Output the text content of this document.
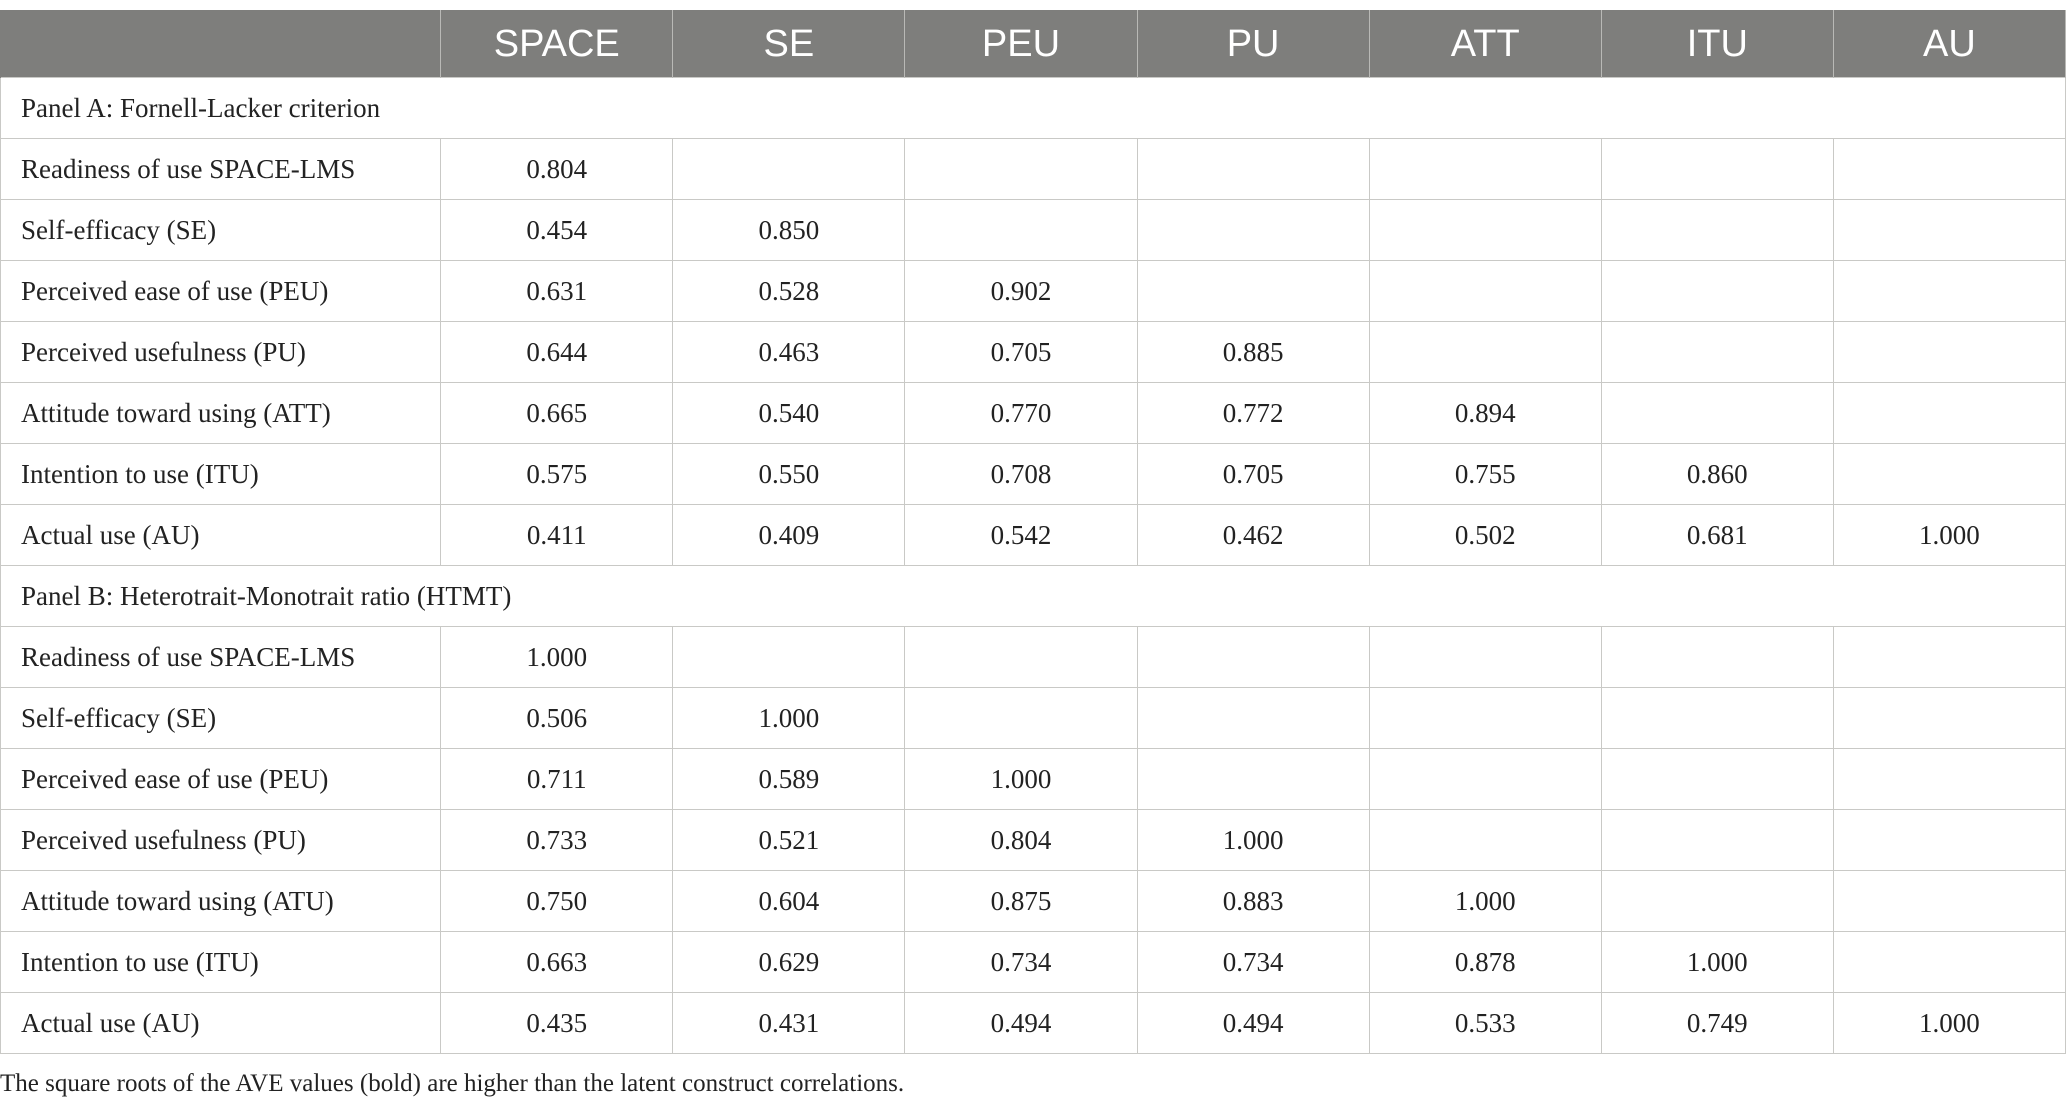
	SPACE	SE	PEU	PU	ATT	ITU	AU
Panel A: Fornell-Lacker criterion							
Readiness of use SPACE-LMS	0.804						
Self-efficacy (SE)	0.454	0.850					
Perceived ease of use (PEU)	0.631	0.528	0.902				
Perceived usefulness (PU)	0.644	0.463	0.705	0.885			
Attitude toward using (ATT)	0.665	0.540	0.770	0.772	0.894		
Intention to use (ITU)	0.575	0.550	0.708	0.705	0.755	0.860	
Actual use (AU)	0.411	0.409	0.542	0.462	0.502	0.681	1.000
Panel B: Heterotrait-Monotrait ratio (HTMT)							
Readiness of use SPACE-LMS	1.000						
Self-efficacy (SE)	0.506	1.000					
Perceived ease of use (PEU)	0.711	0.589	1.000				
Perceived usefulness (PU)	0.733	0.521	0.804	1.000			
Attitude toward using (ATU)	0.750	0.604	0.875	0.883	1.000		
Intention to use (ITU)	0.663	0.629	0.734	0.734	0.878	1.000	
Actual use (AU)	0.435	0.431	0.494	0.494	0.533	0.749	1.000
The square roots of the AVE values (bold) are higher than the latent construct correlations.
